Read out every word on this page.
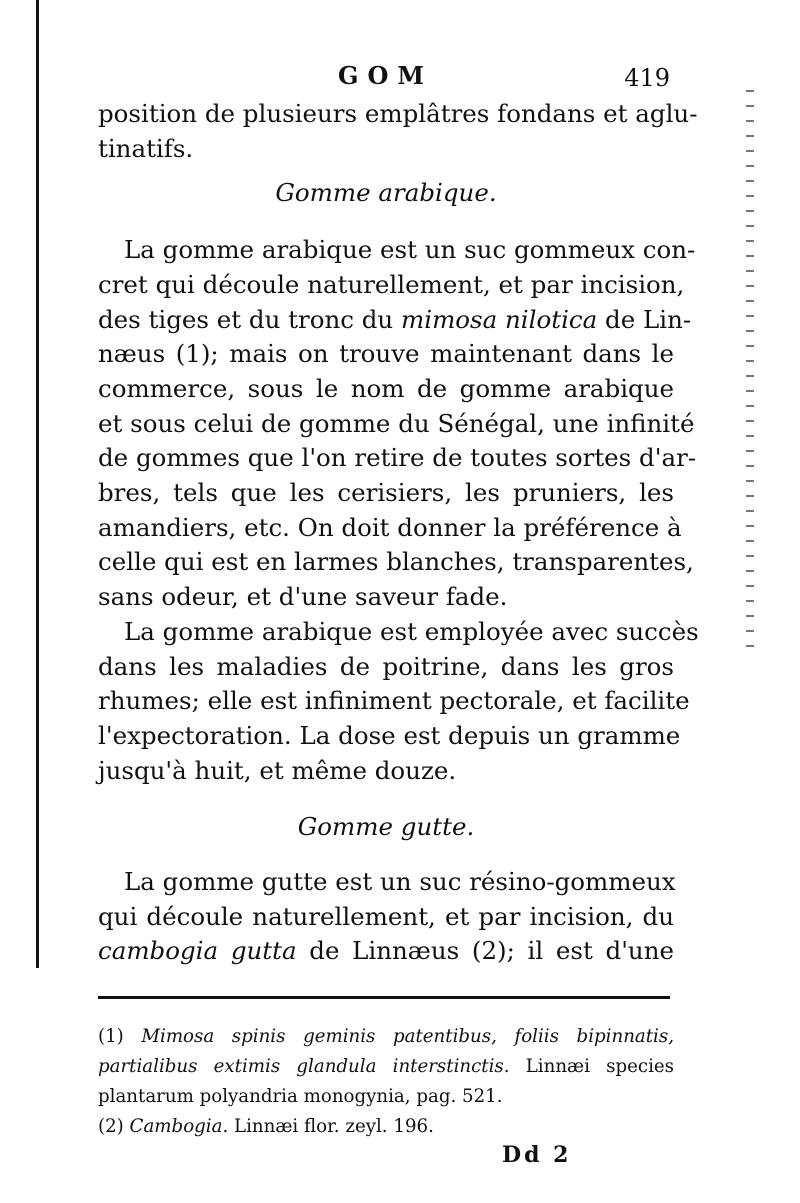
GOM	419
position de plusieurs emplâtres fondans et aglu-
tinatifs.
Gomme arabique.
La gomme arabique est un suc gommeux con-
cret qui découle naturellement, et par incision,
des tiges et du tronc du mimosa nilotica de Lin-
næus (1); mais on trouve maintenant dans le
commerce, sous le nom de gomme arabique
et sous celui de gomme du Sénégal, une infinité
de gommes que l'on retire de toutes sortes d'ar-
bres, tels que les cerisiers, les pruniers, les
amandiers, etc. On doit donner la préférence à
celle qui est en larmes blanches, transparentes,
sans odeur, et d'une saveur fade.
La gomme arabique est employée avec succès
dans les maladies de poitrine, dans les gros
rhumes; elle est infiniment pectorale, et facilite
l'expectoration. La dose est depuis un gramme
jusqu'à huit, et même douze.
Gomme gutte.
La gomme gutte est un suc résino-gommeux
qui découle naturellement, et par incision, du
cambogia gutta de Linnæus (2); il est d'une
(1) Mimosa spinis geminis patentibus, foliis bipinnatis,
partialibus extimis glandula interstinctis. Linnæi species
plantarum polyandria monogynia, pag. 521.
(2) Cambogia. Linnæi flor. zeyl. 196.
Dd 2
